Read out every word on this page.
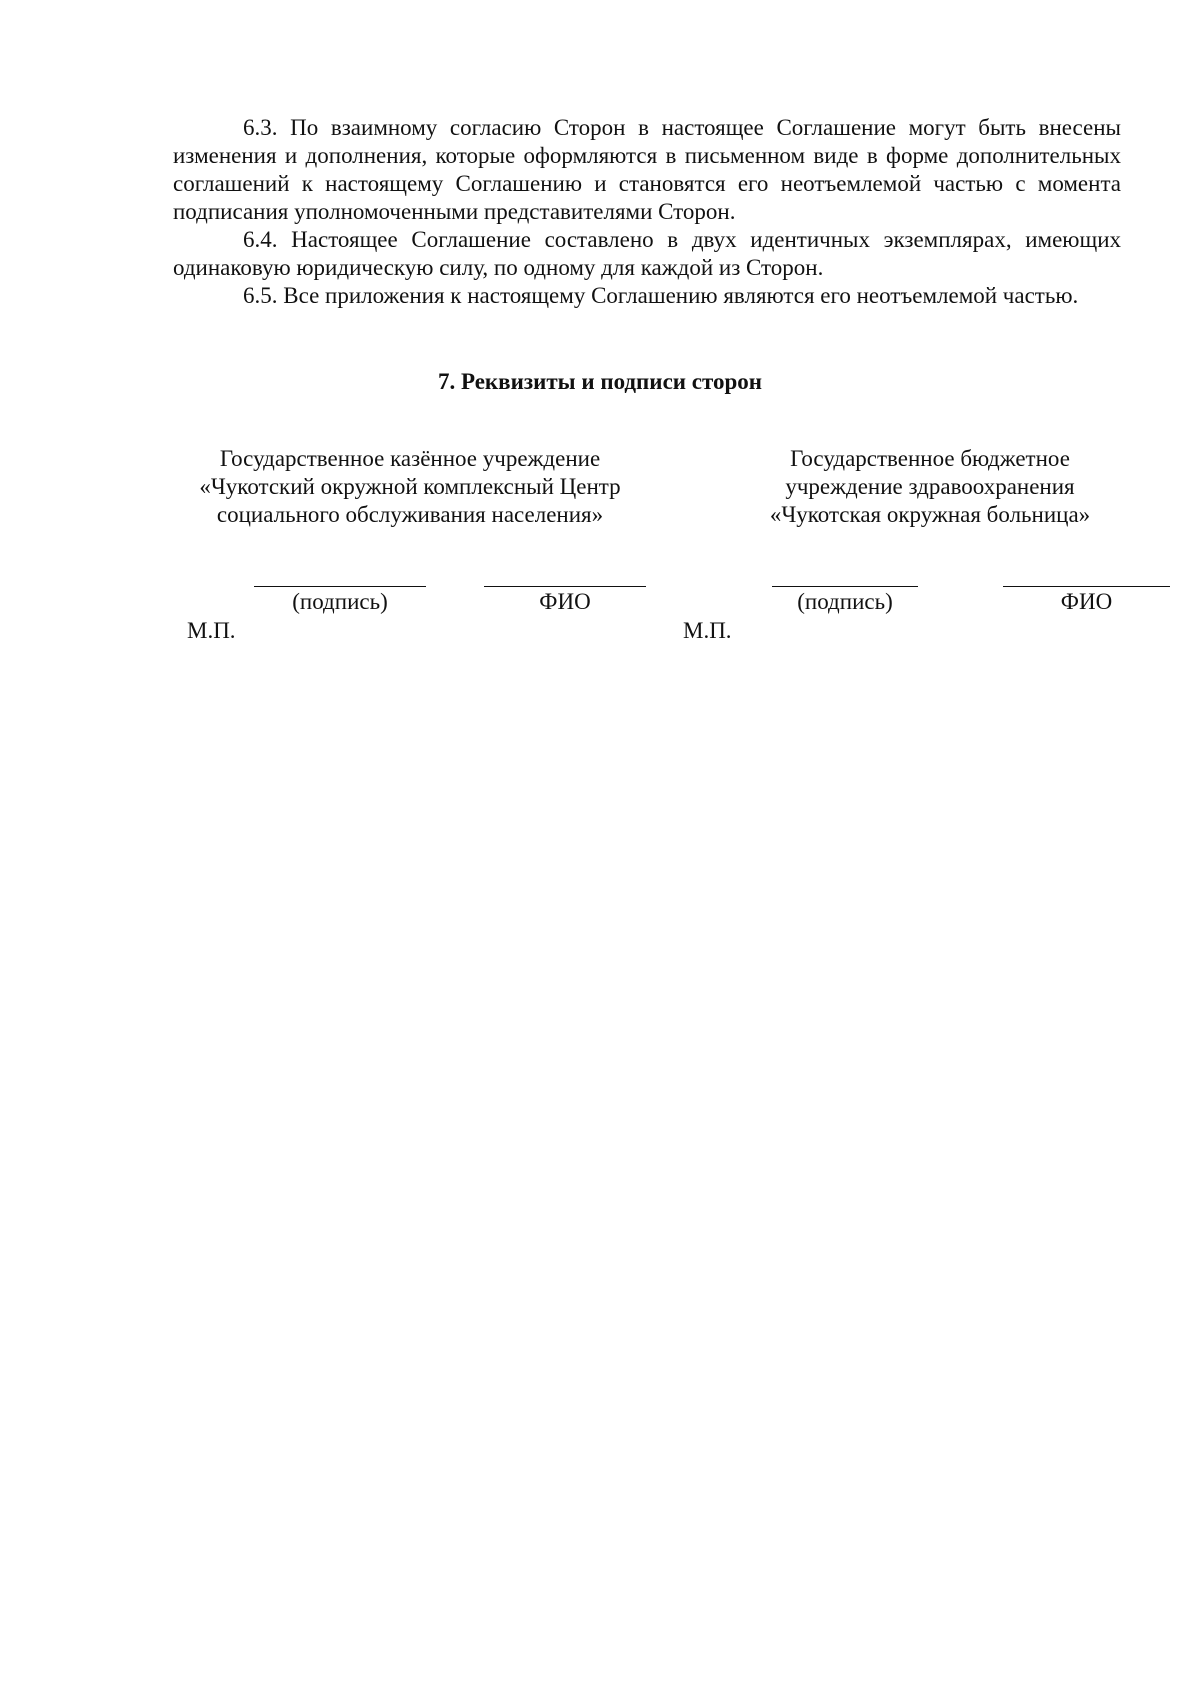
6.3. По взаимному согласию Сторон в настоящее Соглашение могут быть внесены изменения и дополнения, которые оформляются в письменном виде в форме дополнительных соглашений к настоящему Соглашению и становятся его неотъемлемой частью с момента подписания уполномоченными представителями Сторон.

6.4. Настоящее Соглашение составлено в двух идентичных экземплярах, имеющих одинаковую юридическую силу, по одному для каждой из Сторон.

6.5. Все приложения к настоящему Соглашению являются его неотъемлемой частью.

7. Реквизиты и подписи сторон
Государственное казённое учреждение
«Чукотский окружной комплексный Центр
социального обслуживания населения»
Государственное бюджетное
учреждение здравоохранения
«Чукотская окружная больница»
(подпись)	ФИО
М.П.
(подпись)	ФИО
М.П.
